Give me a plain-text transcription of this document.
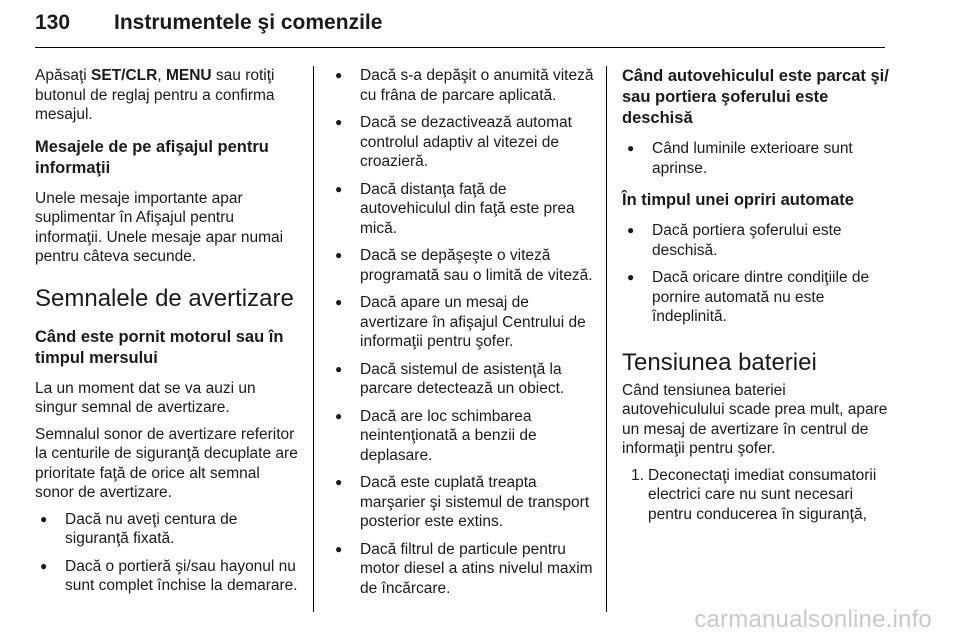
130 Instrumentele şi comenzile

Apăsaţi SET/CLR, MENU sau rotiţi butonul de reglaj pentru a confirma mesajul.

Mesajele de pe afişajul pentru informaţii

Unele mesaje importante apar suplimentar în Afişajul pentru informaţii. Unele mesaje apar numai pentru câteva secunde.

Semnalele de avertizare
Când este pornit motorul sau în timpul mersului

La un moment dat se va auzi un singur semnal de avertizare.

Semnalul sonor de avertizare referitor la centurile de siguranţă decuplate are prioritate faţă de orice alt semnal sonor de avertizare.

● Dacă nu aveţi centura de siguranţă fixată.
● Dacă o portieră şi/sau hayonul nu sunt complet închise la demarare.
● Dacă s-a depăşit o anumită viteză cu frâna de parcare aplicată.
● Dacă se dezactivează automat controlul adaptiv al vitezei de croazieră.
● Dacă distanţa faţă de autovehiculul din faţă este prea mică.
● Dacă se depăşeşte o viteză programată sau o limită de viteză.
● Dacă apare un mesaj de avertizare în afişajul Centrului de informaţii pentru şofer.
● Dacă sistemul de asistenţă la parcare detectează un obiect.
● Dacă are loc schimbarea neintenţionată a benzii de deplasare.
● Dacă este cuplată treapta marşarier şi sistemul de transport posterior este extins.
● Dacă filtrul de particule pentru motor diesel a atins nivelul maxim de încărcare.
Când autovehiculul este parcat şi/ sau portiera şoferului este deschisă
● Când luminile exterioare sunt aprinse.
În timpul unei opriri automate
● Dacă portiera şoferului este deschisă.
● Dacă oricare dintre condiţiile de pornire automată nu este îndeplinită.
Tensiunea bateriei

Când tensiunea bateriei autovehiculului scade prea mult, apare un mesaj de avertizare în centrul de informaţii pentru şofer.

1. Deconectaţi imediat consumatorii electrici care nu sunt necesari pentru conducerea în siguranţă,
carmanualsonline.info
